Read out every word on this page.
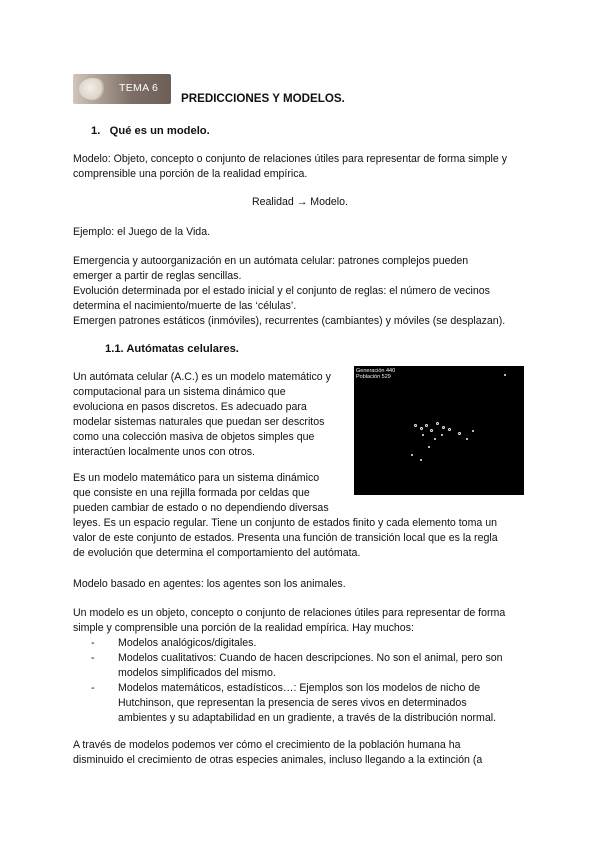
TEMA 6
PREDICCIONES Y MODELOS.
1. Qué es un modelo.

Modelo: Objeto, concepto o conjunto de relaciones útiles para representar de forma simple y comprensible una porción de la realidad empírica.

Realidad → Modelo.
Ejemplo: el Juego de la Vida.
Emergencia y autoorganización en un autómata celular: patrones complejos pueden
emerger a partir de reglas sencillas.
Evolución determinada por el estado inicial y el conjunto de reglas: el número de vecinos
determina el nacimiento/muerte de las ‘células’.
Emergen patrones estáticos (inmóviles), recurrentes (cambiantes) y móviles (se desplazan).
1.1. Autómatas celulares.
Un autómata celular (A.C.) es un modelo matemático y
computacional para un sistema dinámico que
evoluciona en pasos discretos. Es adecuado para
modelar sistemas naturales que puedan ser descritos
como una colección masiva de objetos simples que
interactúen localmente unos con otros.
Es un modelo matemático para un sistema dinámico
que consiste en una rejilla formada por celdas que
pueden cambiar de estado o no dependiendo diversas
leyes. Es un espacio regular. Tiene un conjunto de estados finito y cada elemento toma un
valor de este conjunto de estados. Presenta una función de transición local que es la regla
de evolución que determina el comportamiento del autómata.
Generación 440
Población 529
Modelo basado en agentes: los agentes son los animales.
Un modelo es un objeto, concepto o conjunto de relaciones útiles para representar de forma
simple y comprensible una porción de la realidad empírica. Hay muchos:
- Modelos analógicos/digitales.
- Modelos cualitativos: Cuando de hacen descripciones. No son el animal, pero son
modelos simplificados del mismo.
- Modelos matemáticos, estadísticos…: Ejemplos son los modelos de nicho de
Hutchinson, que representan la presencia de seres vivos en determinados
ambientes y su adaptabilidad en un gradiente, a través de la distribución normal.
A través de modelos podemos ver cómo el crecimiento de la población humana ha
disminuido el crecimiento de otras especies animales, incluso llegando a la extinción (a
